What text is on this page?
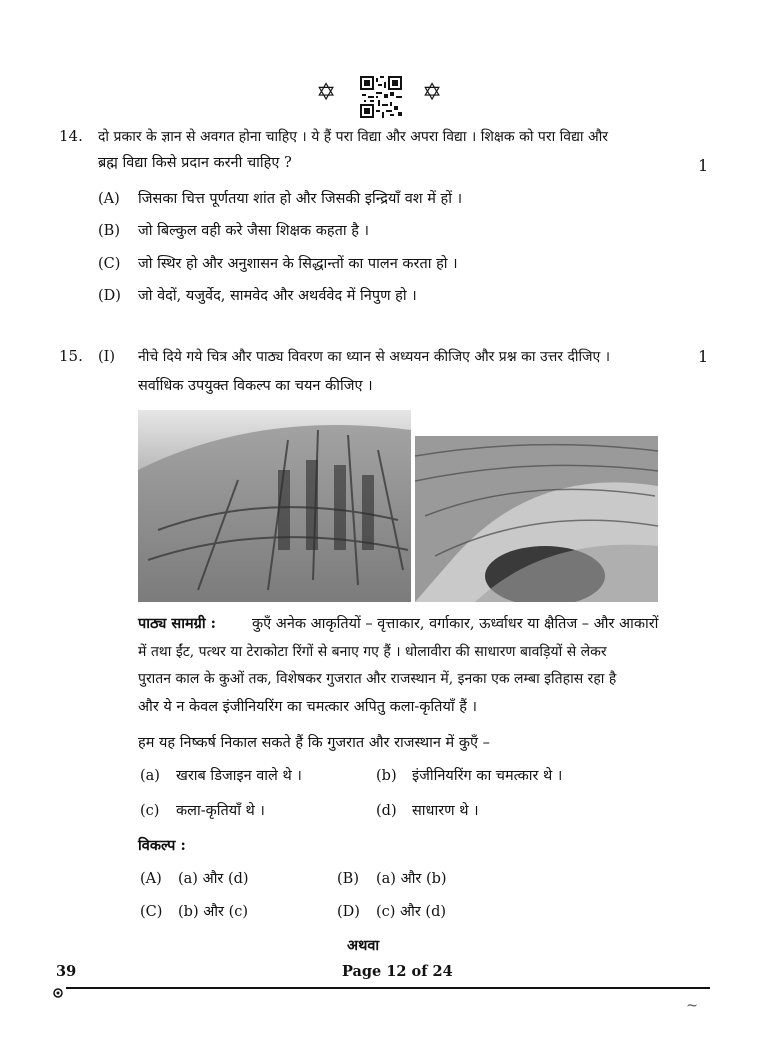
✡	✡
14. दो प्रकार के ज्ञान से अवगत होना चाहिए । ये हैं परा विद्या और अपरा विद्या । शिक्षक को परा विद्या और
ब्रह्म विद्या किसे प्रदान करनी चाहिए ?	1
(A) जिसका चित्त पूर्णतया शांत हो और जिसकी इन्द्रियाँ वश में हों ।
(B) जो बिल्कुल वही करे जैसा शिक्षक कहता है ।
(C) जो स्थिर हो और अनुशासन के सिद्धान्तों का पालन करता हो ।
(D) जो वेदों, यजुर्वेद, सामवेद और अथर्ववेद में निपुण हो ।
15. (I) नीचे दिये गये चित्र और पाठ्य विवरण का ध्यान से अध्ययन कीजिए और प्रश्न का उत्तर दीजिए ।	1
सर्वाधिक उपयुक्त विकल्प का चयन कीजिए ।
पाठ्य सामग्री : कुएँ अनेक आकृतियों – वृत्ताकार, वर्गाकार, ऊर्ध्वाधर या क्षैतिज – और आकारों
में तथा ईंट, पत्थर या टेराकोटा रिंगों से बनाए गए हैं । धोलावीरा की साधारण बावड़ियों से लेकर
पुरातन काल के कुओं तक, विशेषकर गुजरात और राजस्थान में, इनका एक लम्बा इतिहास रहा है
और ये न केवल इंजीनियरिंग का चमत्कार अपितु कला-कृतियाँ हैं ।
हम यह निष्कर्ष निकाल सकते हैं कि गुजरात और राजस्थान में कुएँ –
(a) खराब डिजाइन वाले थे ।	(b) इंजीनियरिंग का चमत्कार थे ।
(c) कला-कृतियाँ थे ।	(d) साधारण थे ।
विकल्प :
(A) (a) और (d)	(B) (a) और (b)
(C) (b) और (c)	(D) (c) और (d)
अथवा
39	Page 12 of 24
~
